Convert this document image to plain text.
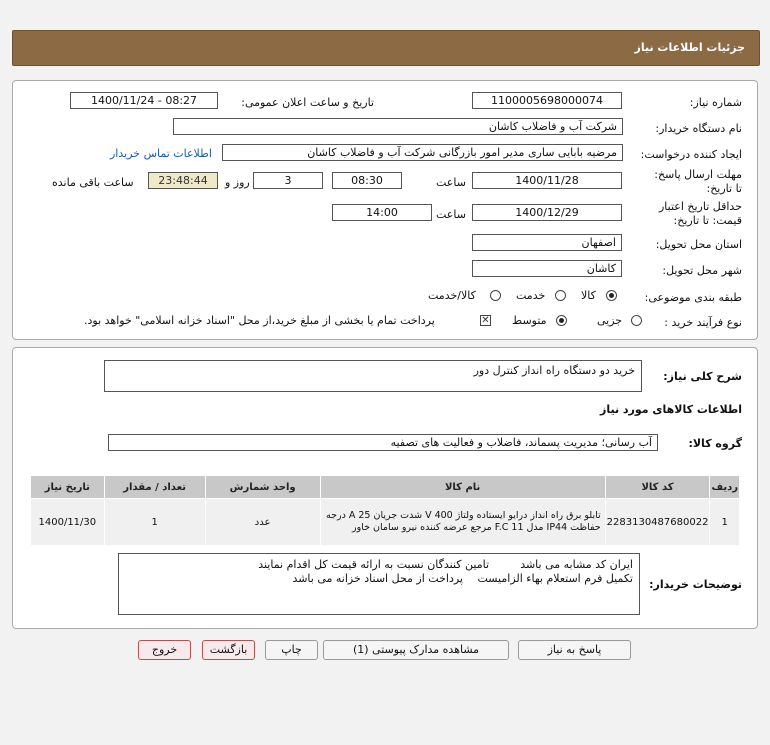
جزئیات اطلاعات نیاز
شماره نیاز:
1100005698000074
تاریخ و ساعت اعلان عمومی:
1400/11/24 - 08:27
نام دستگاه خریدار:
شرکت آب و فاضلاب کاشان
ایجاد کننده درخواست:
مرضیه بابایی ساری مدیر امور بازرگانی شرکت آب و فاضلاب کاشان
اطلاعات تماس خریدار
مهلت ارسال پاسخ: تا تاریخ:
1400/11/28
ساعت
08:30
3
روز و
23:48:44
ساعت باقی مانده
حداقل تاریخ اعتبار قیمت: تا تاریخ:
1400/12/29
ساعت
14:00
استان محل تحویل:
اصفهان
شهر محل تحویل:
کاشان
طبقه بندی موضوعی:
کالا
خدمت
کالا/خدمت
نوع فرآیند خرید :
جزیی
متوسط
✕
پرداخت تمام یا بخشی از مبلغ خرید،از محل "اسناد خزانه اسلامی" خواهد بود.
شرح کلی نیاز:
خرید دو دستگاه راه انداز کنترل دور
اطلاعات کالاهای مورد نیاز
گروه کالا:
آب رسانی؛ مدیریت پسماند، فاضلاب و فعالیت های تصفیه
ردیف	کد کالا	نام کالا	واحد شمارش	تعداد / مقدار	تاریخ نیاز
1	2283130487680022	تابلو برق راه انداز درایو ایستاده ولتاژ 400 V شدت جریان 25 A درجه حفاظت IP44 مدل F.C 11 مرجع عرضه کننده نیرو سامان خاور	عدد	1	1400/11/30
توضیحات خریدار:
ایران کد مشابه می باشد
تامین کنندگان نسبت به ارائه قیمت کل اقدام نمایند
تکمیل فرم استعلام بهاء الزامیست
پرداخت از محل اسناد خزانه می باشد
پاسخ به نیاز
مشاهده مدارک پیوستی (1)
چاپ
بازگشت
خروج
